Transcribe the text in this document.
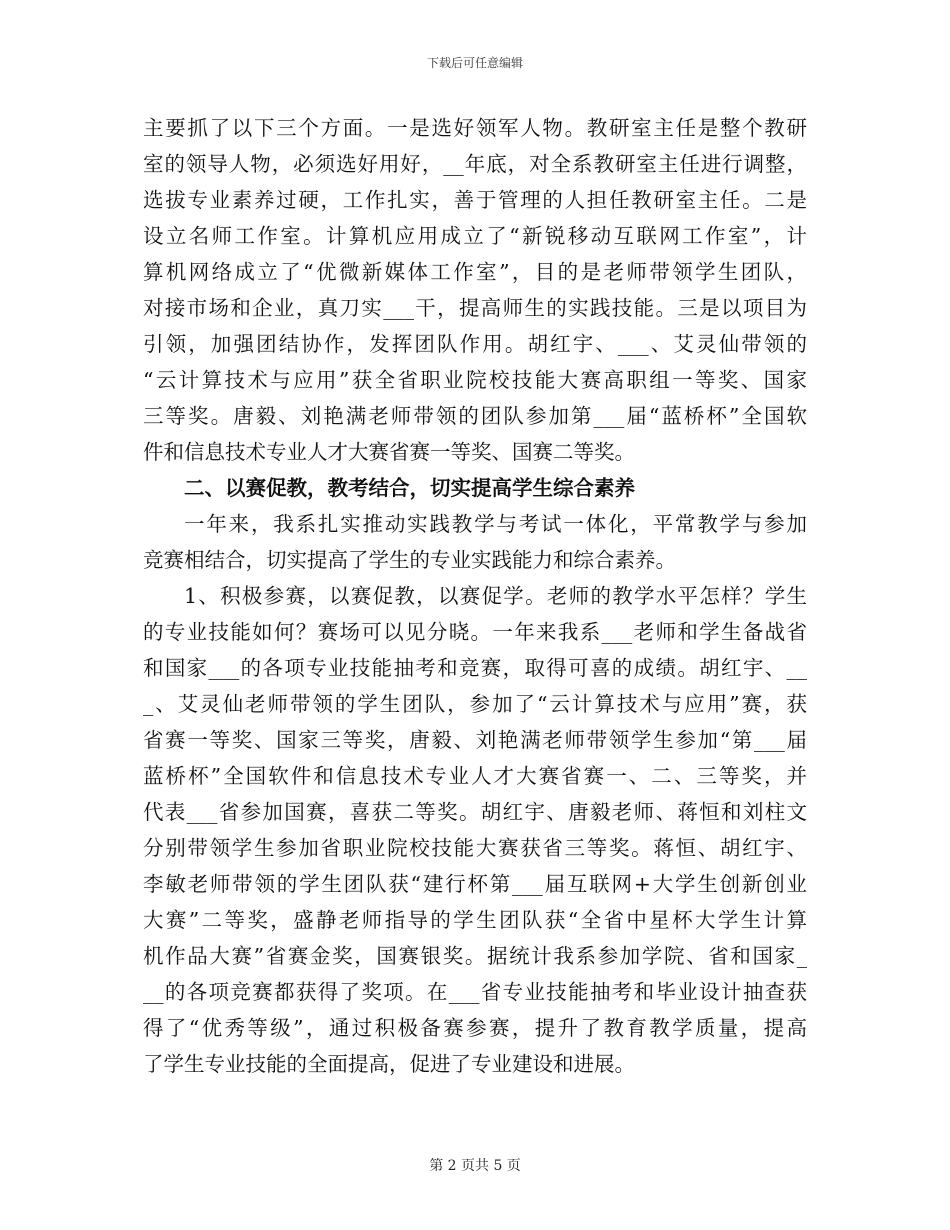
下载后可任意编辑
主要抓了以下三个方面。一是选好领军人物。教研室主任是整个教研
室的领导人物，必须选好用好，__年底，对全系教研室主任进行调整，
选拔专业素养过硬，工作扎实，善于管理的人担任教研室主任。二是
设立名师工作室。计算机应用成立了“新锐移动互联网工作室”，计
算机网络成立了“优微新媒体工作室”，目的是老师带领学生团队，
对接市场和企业，真刀实___干，提高师生的实践技能。三是以项目为
引领，加强团结协作，发挥团队作用。胡红宇、___、艾灵仙带领的
“云计算技术与应用”获全省职业院校技能大赛高职组一等奖、国家
三等奖。唐毅、刘艳满老师带领的团队参加第___届“蓝桥杯”全国软
件和信息技术专业人才大赛省赛一等奖、国赛二等奖。
二、以赛促教，教考结合，切实提高学生综合素养
一年来，我系扎实推动实践教学与考试一体化，平常教学与参加
竞赛相结合，切实提高了学生的专业实践能力和综合素养。
1、积极参赛，以赛促教，以赛促学。老师的教学水平怎样？学生
的专业技能如何？赛场可以见分晓。一年来我系___老师和学生备战省
和国家___的各项专业技能抽考和竞赛，取得可喜的成绩。胡红宇、__
_、艾灵仙老师带领的学生团队，参加了“云计算技术与应用”赛，获
省赛一等奖、国家三等奖，唐毅、刘艳满老师带领学生参加“第___届
蓝桥杯”全国软件和信息技术专业人才大赛省赛一、二、三等奖，并
代表___省参加国赛，喜获二等奖。胡红宇、唐毅老师、蒋恒和刘柱文
分别带领学生参加省职业院校技能大赛获省三等奖。蒋恒、胡红宇、
李敏老师带领的学生团队获“建行杯第___届互联网+大学生创新创业
大赛”二等奖，盛静老师指导的学生团队获“全省中星杯大学生计算
机作品大赛”省赛金奖，国赛银奖。据统计我系参加学院、省和国家_
__的各项竞赛都获得了奖项。在___省专业技能抽考和毕业设计抽查获
得了“优秀等级”，通过积极备赛参赛，提升了教育教学质量，提高
了学生专业技能的全面提高，促进了专业建设和进展。
第 2 页共 5 页
